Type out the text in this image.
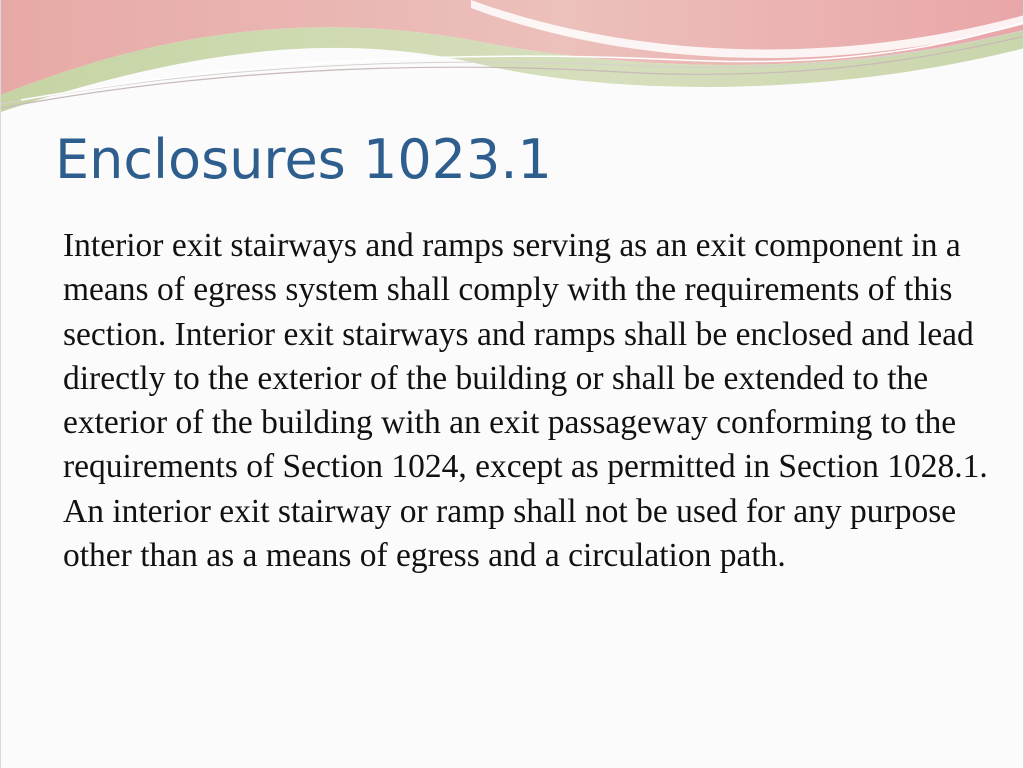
Enclosures 1023.1

Interior exit stairways and ramps serving as an exit component in a means of egress system shall comply with the requirements of this section. Interior exit stairways and ramps shall be enclosed and lead directly to the exterior of the building or shall be extended to the exterior of the building with an exit passageway conforming to the requirements of Section 1024, except as permitted in Section 1028.1. An interior exit stairway or ramp shall not be used for any purpose other than as a means of egress and a circulation path.
